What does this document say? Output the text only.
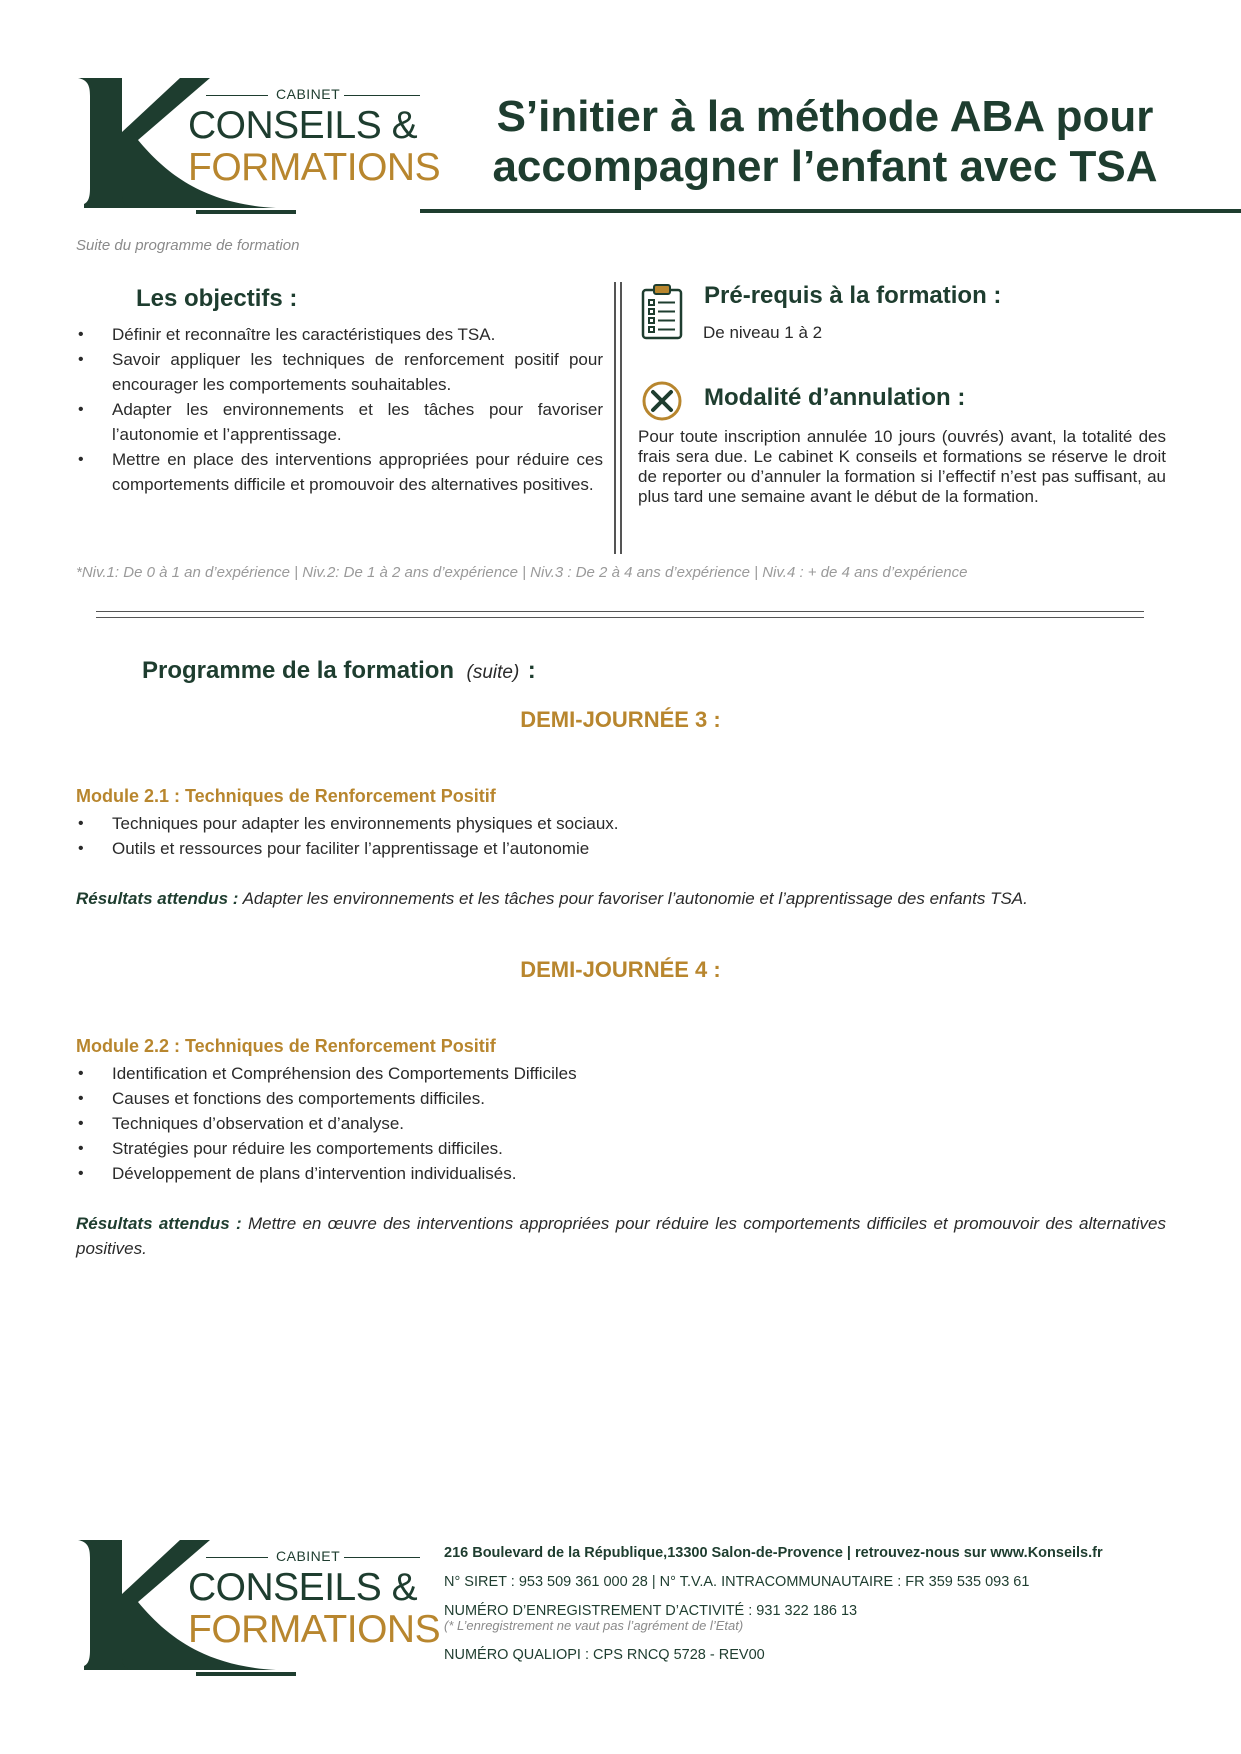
CABINET
CONSEILS &
FORMATIONS
S’initier à la méthode ABA pour
accompagner l’enfant avec TSA
Suite du programme de formation
Les objectifs :
• Définir et reconnaître les caractéristiques des TSA.
• Savoir appliquer les techniques de renforcement positif pour encourager les comportements souhaitables.
• Adapter les environnements et les tâches pour favoriser l’autonomie et l’apprentissage.
• Mettre en place des interventions appropriées pour réduire ces comportements difficile et promouvoir des alternatives positives.
Pré-requis à la formation :
De niveau 1 à 2
Modalité d’annulation :
Pour toute inscription annulée 10 jours (ouvrés) avant, la totalité des frais sera due. Le cabinet K conseils et formations se réserve le droit de reporter ou d’annuler la formation si l’effectif n’est pas suffisant, au plus tard une semaine avant le début de la formation.
*Niv.1: De 0 à 1 an d’expérience | Niv.2: De 1 à 2 ans d’expérience | Niv.3 : De 2 à 4 ans d’expérience | Niv.4 : + de 4 ans d’expérience
Programme de la formation (suite) :
DEMI-JOURNÉE 3 :
Module 2.1 : Techniques de Renforcement Positif
• Techniques pour adapter les environnements physiques et sociaux.
• Outils et ressources pour faciliter l’apprentissage et l’autonomie
Résultats attendus : Adapter les environnements et les tâches pour favoriser l’autonomie et l’apprentissage des enfants TSA.
DEMI-JOURNÉE 4 :
Module 2.2 : Techniques de Renforcement Positif
• Identification et Compréhension des Comportements Difficiles
• Causes et fonctions des comportements difficiles.
• Techniques d’observation et d’analyse.
• Stratégies pour réduire les comportements difficiles.
• Développement de plans d’intervention individualisés.
Résultats attendus : Mettre en œuvre des interventions appropriées pour réduire les comportements difficiles et promouvoir des alternatives positives.
CABINET
CONSEILS &
FORMATIONS
216 Boulevard de la République,13300 Salon-de-Provence | retrouvez-nous sur www.Konseils.fr
N° SIRET : 953 509 361 000 28 | N° T.V.A. INTRACOMMUNAUTAIRE : FR 359 535 093 61
NUMÉRO D’ENREGISTREMENT D’ACTIVITÉ : 931 322 186 13
(* L’enregistrement ne vaut pas l’agrément de l’Etat)
NUMÉRO QUALIOPI : CPS RNCQ 5728 - REV00
